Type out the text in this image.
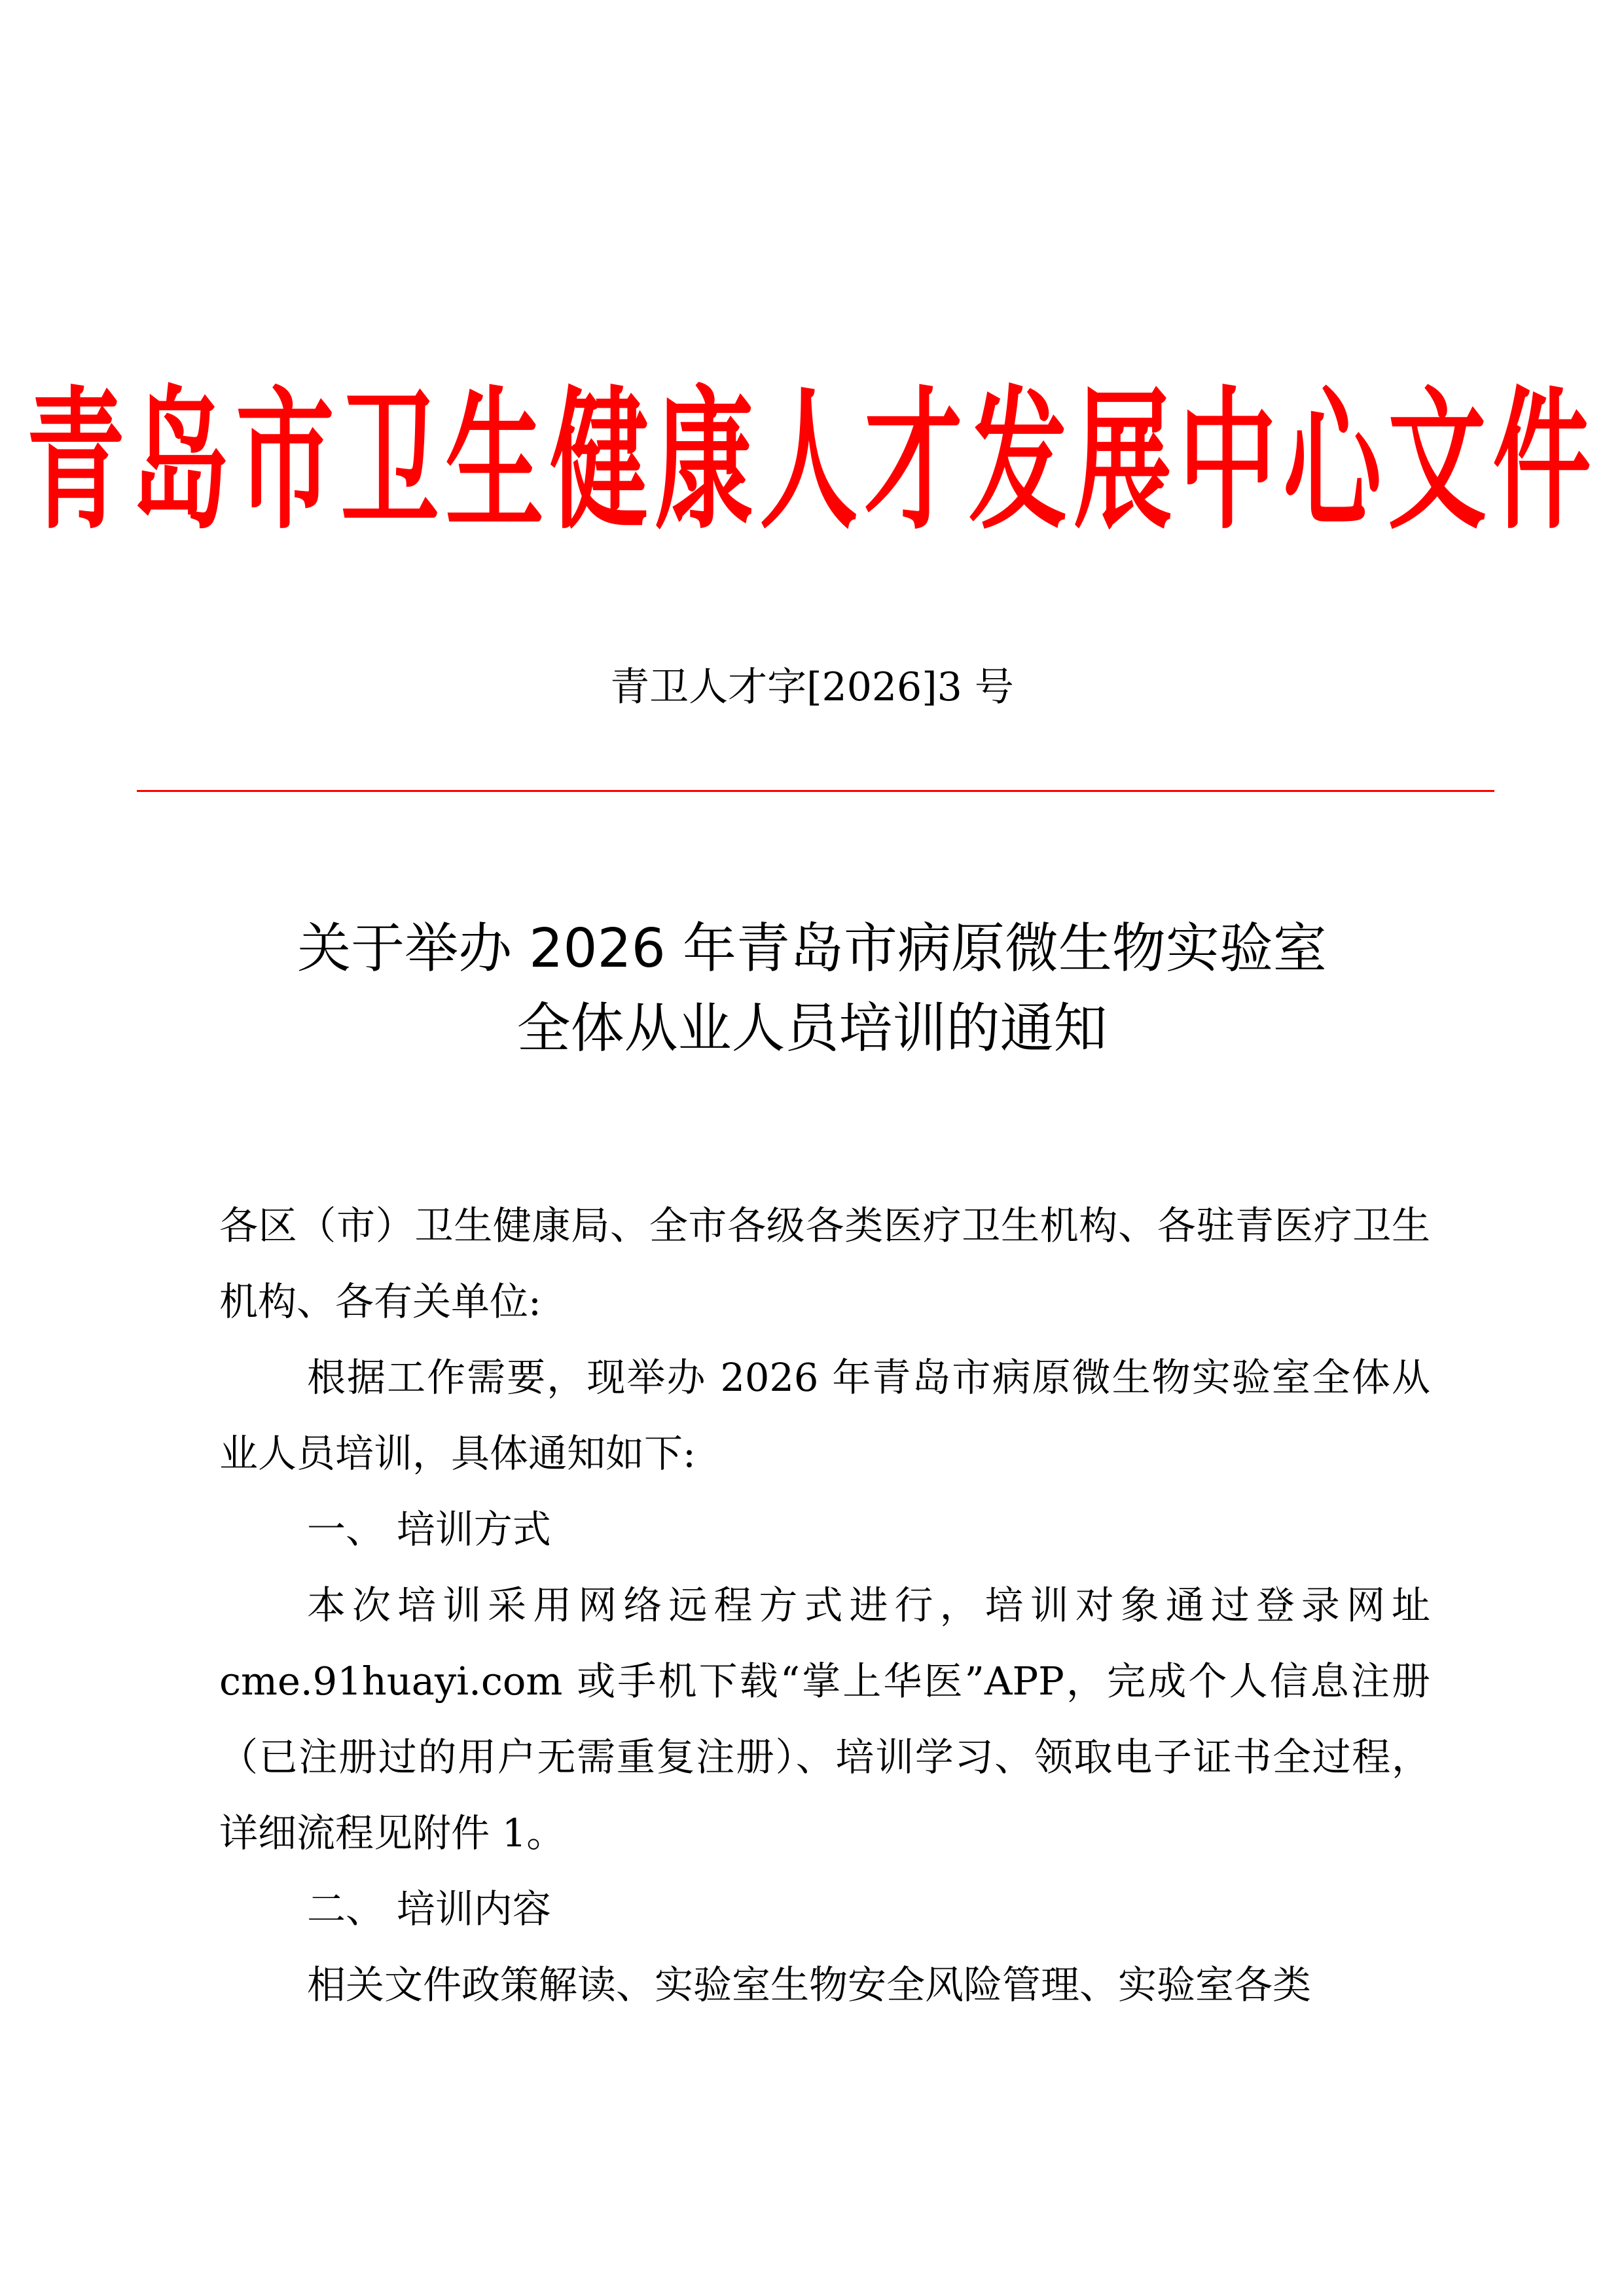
青岛市卫生健康人才发展中心文件
青卫人才字[2026]3 号
关于举办 2026 年青岛市病原微生物实验室
全体从业人员培训的通知

各区（市）卫生健康局、全市各级各类医疗卫生机构、各驻青医疗卫生机构、各有关单位:

根据工作需要，现举办 2026 年青岛市病原微生物实验室全体从业人员培训，具体通知如下:

一、 培训方式

本次培训采用网络远程方式进行，培训对象通过登录网址 cme.91huayi.com 或手机下载“掌上华医”APP，完成个人信息注册（已注册过的用户无需重复注册）、培训学习、领取电子证书全过程，详细流程见附件 1。

二、 培训内容

相关文件政策解读、实验室生物安全风险管理、实验室各类
